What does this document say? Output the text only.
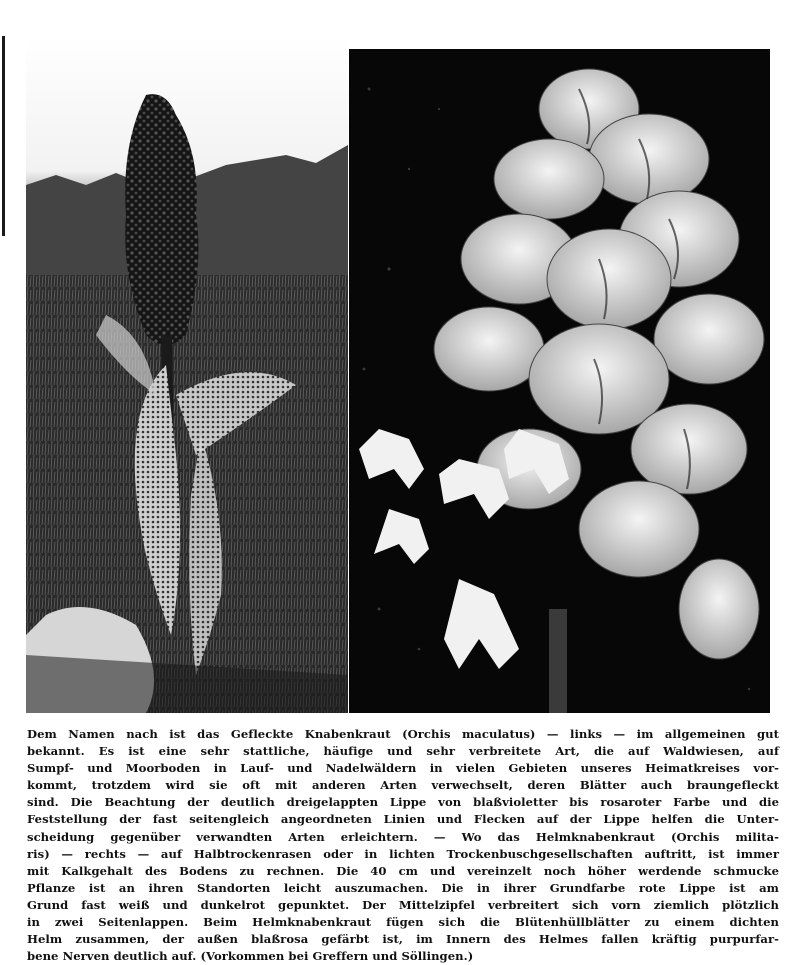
Dem Namen nach ist das Gefleckte Knabenkraut (Orchis maculatus) — links — im allgemeinen gut
bekannt. Es ist eine sehr stattliche, häufige und sehr verbreitete Art, die auf Waldwiesen, auf
Sumpf- und Moorboden in Lauf- und Nadelwäldern in vielen Gebieten unseres Heimatkreises vor-
kommt, trotzdem wird sie oft mit anderen Arten verwechselt, deren Blätter auch braungefleckt
sind. Die Beachtung der deutlich dreigelappten Lippe von blaßvioletter bis rosaroter Farbe und die
Feststellung der fast seitengleich angeordneten Linien und Flecken auf der Lippe helfen die Unter-
scheidung gegenüber verwandten Arten erleichtern. — Wo das Helmknabenkraut (Orchis milita-
ris) — rechts — auf Halbtrockenrasen oder in lichten Trockenbuschgesellschaften auftritt, ist immer
mit Kalkgehalt des Bodens zu rechnen. Die 40 cm und vereinzelt noch höher werdende schmucke
Pflanze ist an ihren Standorten leicht auszumachen. Die in ihrer Grundfarbe rote Lippe ist am
Grund fast weiß und dunkelrot gepunktet. Der Mittelzipfel verbreitert sich vorn ziemlich plötzlich
in zwei Seitenlappen. Beim Helmknabenkraut fügen sich die Blütenhüllblätter zu einem dichten
Helm zusammen, der außen blaßrosa gefärbt ist, im Innern des Helmes fallen kräftig purpurfar-
bene Nerven deutlich auf. (Vorkommen bei Greffern und Söllingen.)
